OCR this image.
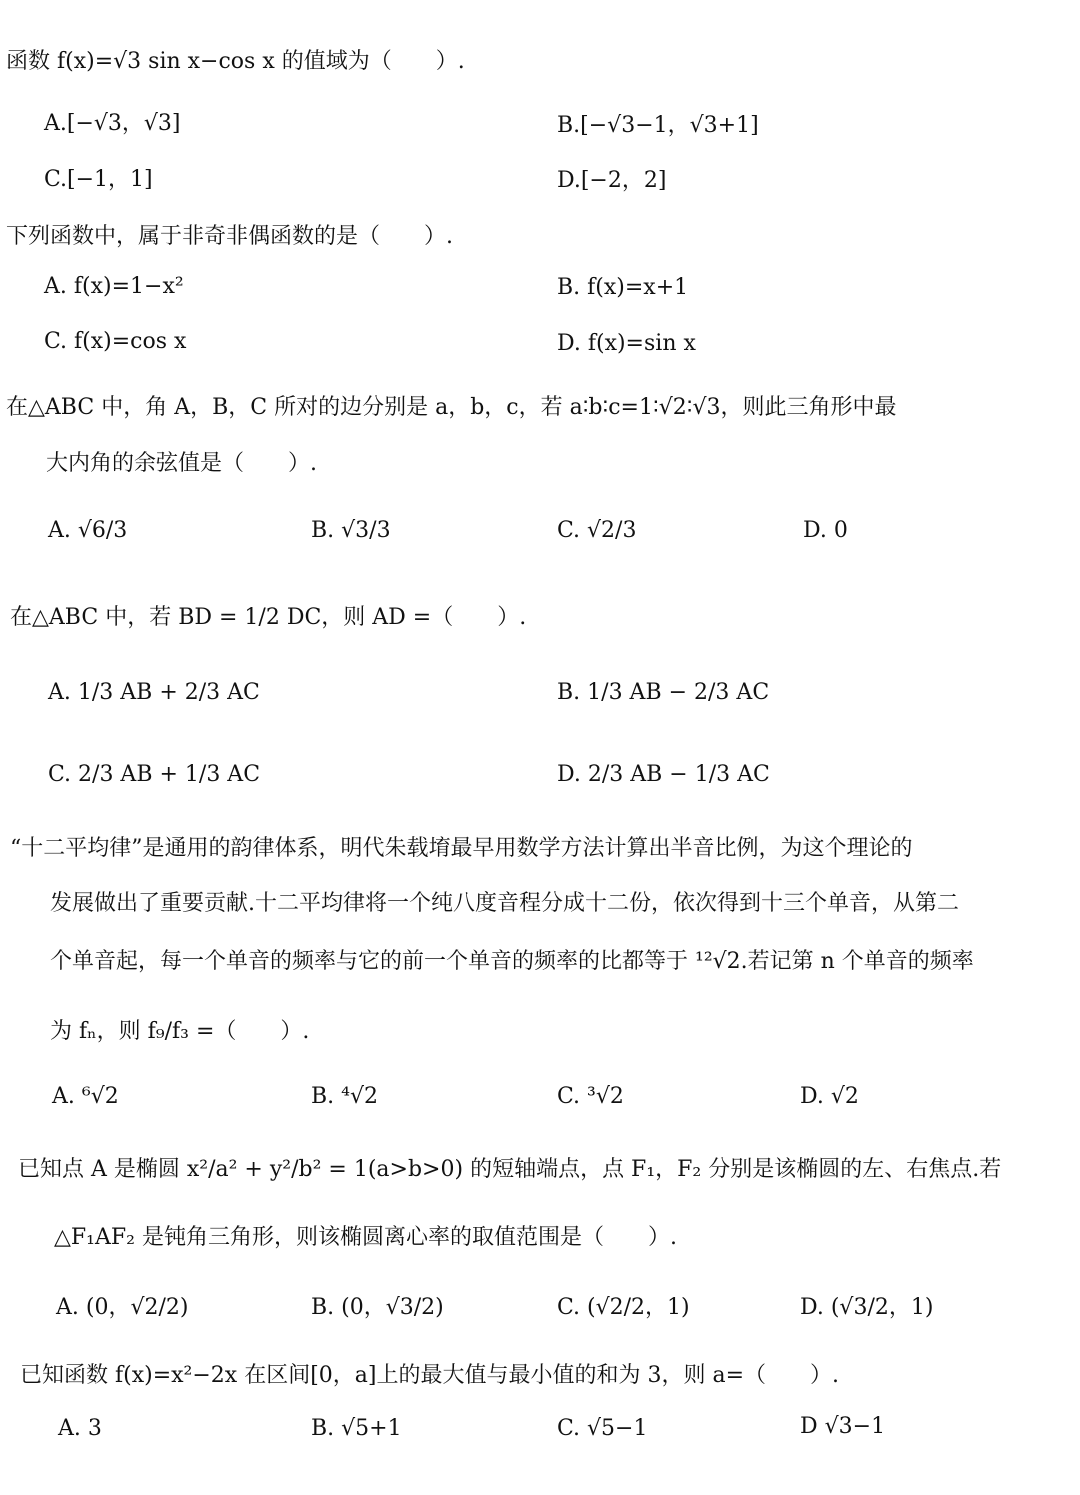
函数 f(x)=√3 sin x−cos x 的值域为（　　）.
A.[−√3，√3]	B.[−√3−1，√3+1]
C.[−1，1]	D.[−2，2]
下列函数中，属于非奇非偶函数的是（　　）.
A. f(x)=1−x²	B. f(x)=x+1
C. f(x)=cos x	D. f(x)=sin x
在△ABC 中，角 A，B，C 所对的边分别是 a，b，c，若 a∶b∶c=1∶√2∶√3，则此三角形中最
大内角的余弦值是（　　）.
A. √6/3	B. √3/3	C. √2/3	D. 0
在△ABC 中，若 BD = 1/2 DC，则 AD =（　　）.
A. 1/3 AB + 2/3 AC	B. 1/3 AB − 2/3 AC
C. 2/3 AB + 1/3 AC	D. 2/3 AB − 1/3 AC
“十二平均律”是通用的韵律体系，明代朱载堉最早用数学方法计算出半音比例，为这个理论的
发展做出了重要贡献.十二平均律将一个纯八度音程分成十二份，依次得到十三个单音，从第二
个单音起，每一个单音的频率与它的前一个单音的频率的比都等于 ¹²√2.若记第 n 个单音的频率
为 fₙ，则 f₉/f₃ =（　　）.
A. ⁶√2	B. ⁴√2	C. ³√2	D. √2
已知点 A 是椭圆 x²/a² + y²/b² = 1(a>b>0) 的短轴端点，点 F₁，F₂ 分别是该椭圆的左、右焦点.若
△F₁AF₂ 是钝角三角形，则该椭圆离心率的取值范围是（　　）.
A. (0，√2/2)	B. (0，√3/2)	C. (√2/2，1)	D. (√3/2，1)
已知函数 f(x)=x²−2x 在区间[0，a]上的最大值与最小值的和为 3，则 a=（　　）.
A. 3	B. √5+1	C. √5−1	D √3−1
